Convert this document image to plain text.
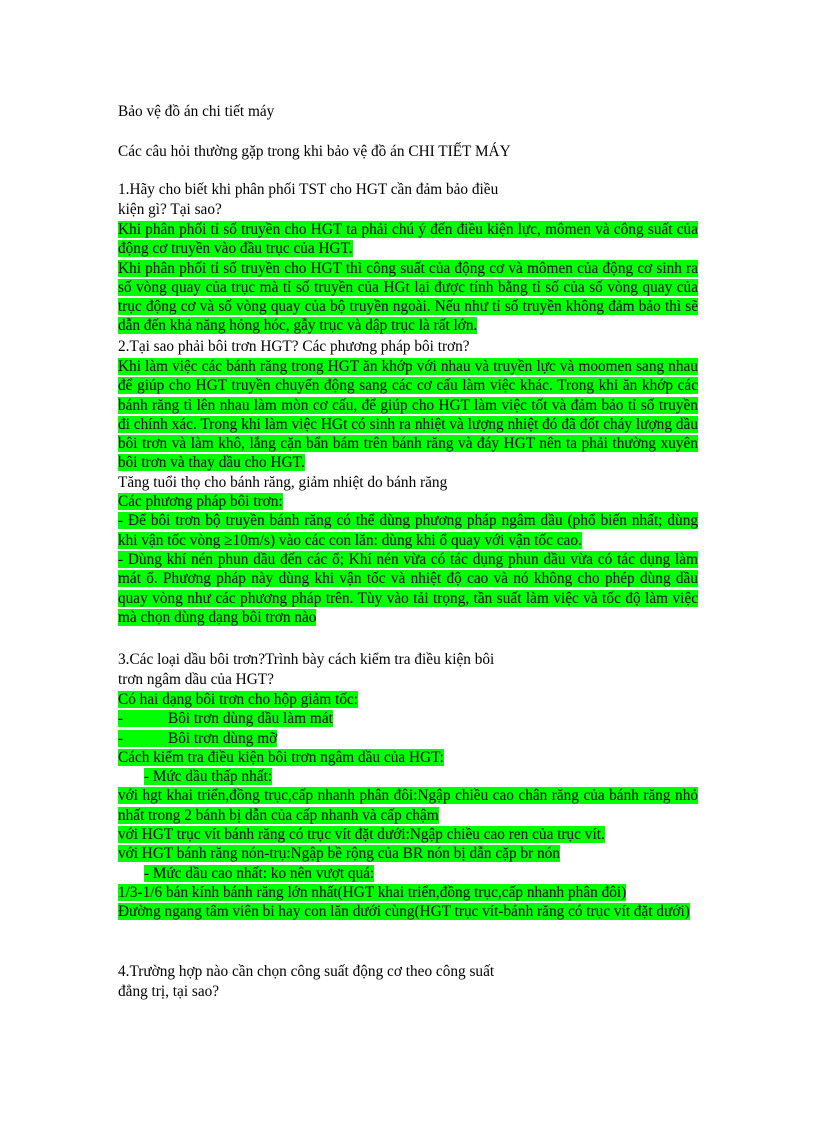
Bảo vệ đồ án chi tiết máy
Các câu hỏi thường gặp trong khi bảo vệ đồ án CHI TIẾT MÁY
1.Hãy cho biết khi phân phối TST cho HGT cần đảm bảo điều
kiện gì? Tại sao?

Khi phân phối tỉ số truyền cho HGT ta phải chú ý đến điều kiện lực, mômen và công suất của động cơ truyền vào đầu trục của HGT.

Khi phân phối tỉ số truyền cho HGT thì công suất của động cơ và mômen của động cơ sinh ra số vòng quay của trục mà tỉ số truyền của HGt lại được tính bằng tỉ số của số vòng quay của trục động cơ và số vòng quay của bộ truyền ngoài. Nếu như tỉ số truyền không đảm bảo thì sẽ dẫn đến khả năng hỏng hóc, gẫy trục và dập trục là rất lớn.

2.Tại sao phải bôi trơn HGT? Các phương pháp bôi trơn?

Khi làm việc các bánh răng trong HGT ăn khớp với nhau và truyền lực và moomen sang nhau để giúp cho HGT truyền chuyển động sang các cơ cấu làm việc khác. Trong khi ăn khớp các bánh răng tì lên nhau làm mòn cơ cấu, để giúp cho HGT làm việc tốt và đảm bảo tỉ số truyền đi chính xác. Trong khi làm việc HGt có sinh ra nhiệt và lượng nhiệt đó đã đốt cháy lượng dầu bôi trơn và làm khô, lắng cặn bẩn bám trên bánh răng và đáy HGT nên ta phải thường xuyên bôi trơn và thay dầu cho HGT.

Tăng tuổi thọ cho bánh răng, giảm nhiệt do bánh răng

Các phương pháp bôi trơn:

- Để bôi trơn bộ truyền bánh răng có thể dùng phương pháp ngâm dầu (phổ biến nhất; dùng khi vận tốc vòng ≥10m/s) vào các con lăn: dùng khi ổ quay với vận tốc cao.

- Dùng khí nén phun dầu đến các ổ; Khí nén vừa có tác dụng phun dầu vừa có tác dụng làm mát ổ. Phương pháp này dùng khi vận tốc và nhiệt độ cao và nó không cho phép dùng dầu quay vòng như các phương pháp trên. Tùy vào tải trọng, tần suất làm việc và tốc độ làm việc mà chọn dùng dạng bôi trơn nào

3.Các loại dầu bôi trơn?Trình bày cách kiểm tra điều kiện bôi
trơn ngâm dầu của HGT?

Có hai dạng bôi trơn cho hộp giảm tốc:

-	Bôi trơn dùng dầu làm mát

-	Bôi trơn dùng mỡ

Cách kiểm tra điều kiện bôi trơn ngâm dầu của HGT:

- Mức dầu thấp nhất:

với hgt khai triển,đồng trục,cấp nhanh phân đôi:Ngập chiều cao chân răng của bánh răng nhỏ nhất trong 2 bánh bị dẫn của cấp nhanh và cấp chậm

với HGT trục vít bánh răng có trục vít đặt dưới:Ngập chiều cao ren của trục vít.

với HGT bánh răng nón-trụ:Ngập bề rộng của BR nón bị dẫn cặp br nón

- Mức dầu cao nhất: ko nên vượt quá:

1/3-1/6 bán kính bánh răng lớn nhất(HGT khai triển,đồng trục,cấp nhanh phân đôi)

Đường ngang tâm viên bi hay con lăn dưới cùng(HGT trục vít-bánh răng có trục vít đặt dưới)

4.Trường hợp nào cần chọn công suất động cơ theo công suất
đẳng trị, tại sao?
